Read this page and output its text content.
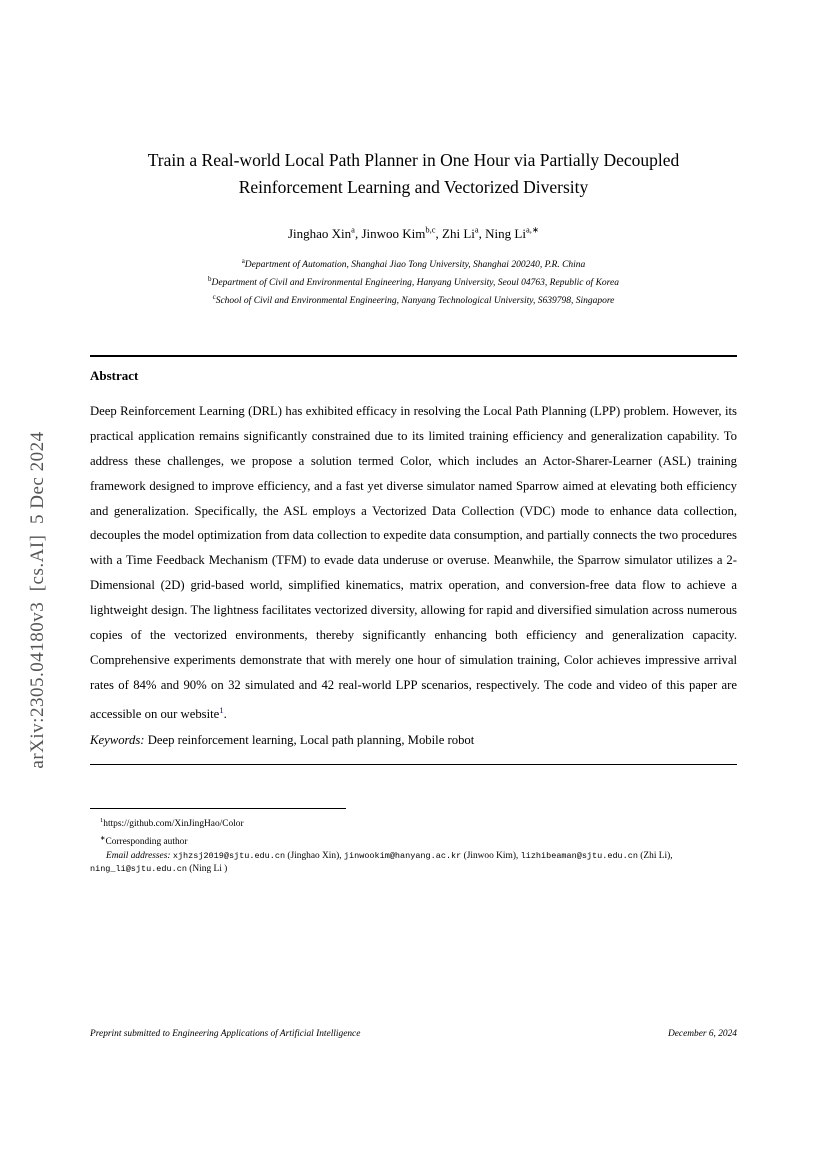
arXiv:2305.04180v3  [cs.AI]  5 Dec 2024
Train a Real-world Local Path Planner in One Hour via Partially Decoupled Reinforcement Learning and Vectorized Diversity
Jinghao Xin$^a$, Jinwoo Kim$^{b,c}$, Zhi Li$^a$, Ning $Li^{a,∗}$
$^a$Department of Automation, Shanghai Jiao Tong University, Shanghai 200240, P.R. China
$^b$Department of Civil and Environmental Engineering, Hanyang University, Seoul 04763, Republic of Korea
$^c$School of Civil and Environmental Engineering, Nanyang Technological University, S639798, Singapore
Abstract
Deep Reinforcement Learning (DRL) has exhibited efficacy in resolving the Local Path Planning (LPP) problem. However, its practical application remains significantly constrained due to its limited training efficiency and generalization capability. To address these challenges, we propose a solution termed Color, which includes an Actor-Sharer-Learner (ASL) training framework designed to improve efficiency, and a fast yet diverse simulator named Sparrow aimed at elevating both efficiency and generalization. Specifically, the ASL employs a Vectorized Data Collection (VDC) mode to enhance data collection, decouples the model optimization from data collection to expedite data consumption, and partially connects the two procedures with a Time Feedback Mechanism (TFM) to evade data underuse or overuse. Meanwhile, the Sparrow simulator utilizes a 2-Dimensional (2D) grid-based world, simplified kinematics, matrix operation, and conversion-free data flow to achieve a lightweight design. The lightness facilitates vectorized diversity, allowing for rapid and diversified simulation across numerous copies of the vectorized environments, thereby significantly enhancing both efficiency and generalization capacity. Comprehensive experiments demonstrate that with merely one hour of simulation training, Color achieves impressive arrival rates of 84% and 90% on 32 simulated and 42 real-world LPP scenarios, respectively. The code and video of this paper are accessible on our website$^1$.
Keywords: Deep reinforcement learning, Local path planning, Mobile robot
$^1$https://github.com/XinJingHao/Color
∗Corresponding author
Email addresses: xjhzsj2019@sjtu.edu.cn (Jinghao Xin), jinwookim@hanyang.ac.kr (Jinwoo Kim), lizhibeaman@sjtu.edu.cn (Zhi Li), ning_li@sjtu.edu.cn (Ning Li )
Preprint submitted to Engineering Applications of Artificial Intelligence	December 6, 2024
